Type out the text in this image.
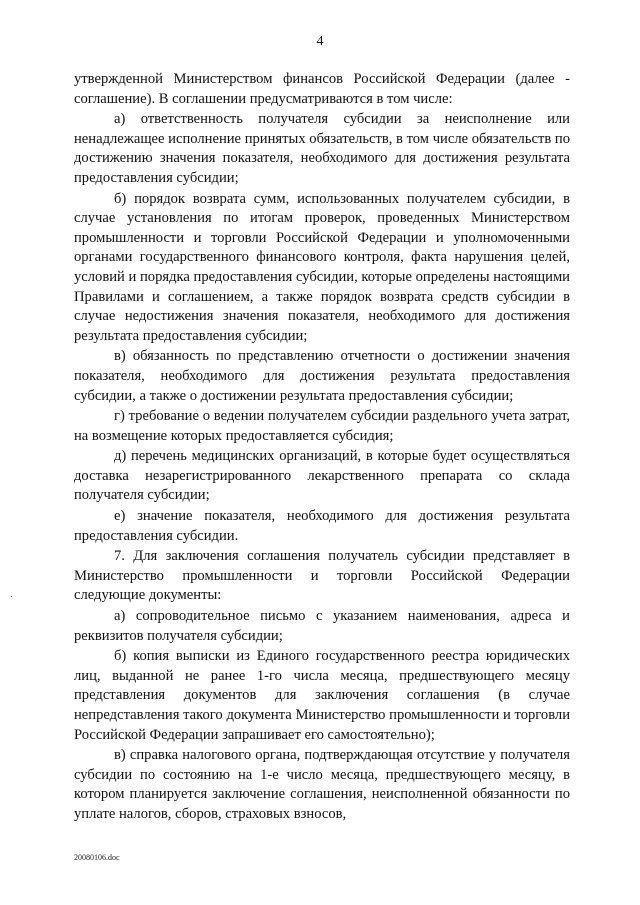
4

утвержденной Министерством финансов Российской Федерации (далее - соглашение). В соглашении предусматриваются в том числе:

а) ответственность получателя субсидии за неисполнение или ненадлежащее исполнение принятых обязательств, в том числе обязательств по достижению значения показателя, необходимого для достижения результата предоставления субсидии;

б) порядок возврата сумм, использованных получателем субсидии, в случае установления по итогам проверок, проведенных Министерством промышленности и торговли Российской Федерации и уполномоченными органами государственного финансового контроля, факта нарушения целей, условий и порядка предоставления субсидии, которые определены настоящими Правилами и соглашением, а также порядок возврата средств субсидии в случае недостижения значения показателя, необходимого для достижения результата предоставления субсидии;

в) обязанность по представлению отчетности о достижении значения показателя, необходимого для достижения результата предоставления субсидии, а также о достижении результата предоставления субсидии;

г) требование о ведении получателем субсидии раздельного учета затрат, на возмещение которых предоставляется субсидия;

д) перечень медицинских организаций, в которые будет осуществляться доставка незарегистрированного лекарственного препарата со склада получателя субсидии;

е) значение показателя, необходимого для достижения результата предоставления субсидии.

7. Для заключения соглашения получатель субсидии представляет в Министерство промышленности и торговли Российской Федерации следующие документы:

а) сопроводительное письмо с указанием наименования, адреса и реквизитов получателя субсидии;

б) копия выписки из Единого государственного реестра юридических лиц, выданной не ранее 1-го числа месяца, предшествующего месяцу представления документов для заключения соглашения (в случае непредставления такого документа Министерство промышленности и торговли Российской Федерации запрашивает его самостоятельно);

в) справка налогового органа, подтверждающая отсутствие у получателя субсидии по состоянию на 1-е число месяца, предшествующего месяцу, в котором планируется заключение соглашения, неисполненной обязанности по уплате налогов, сборов, страховых взносов,

20080106.doc
